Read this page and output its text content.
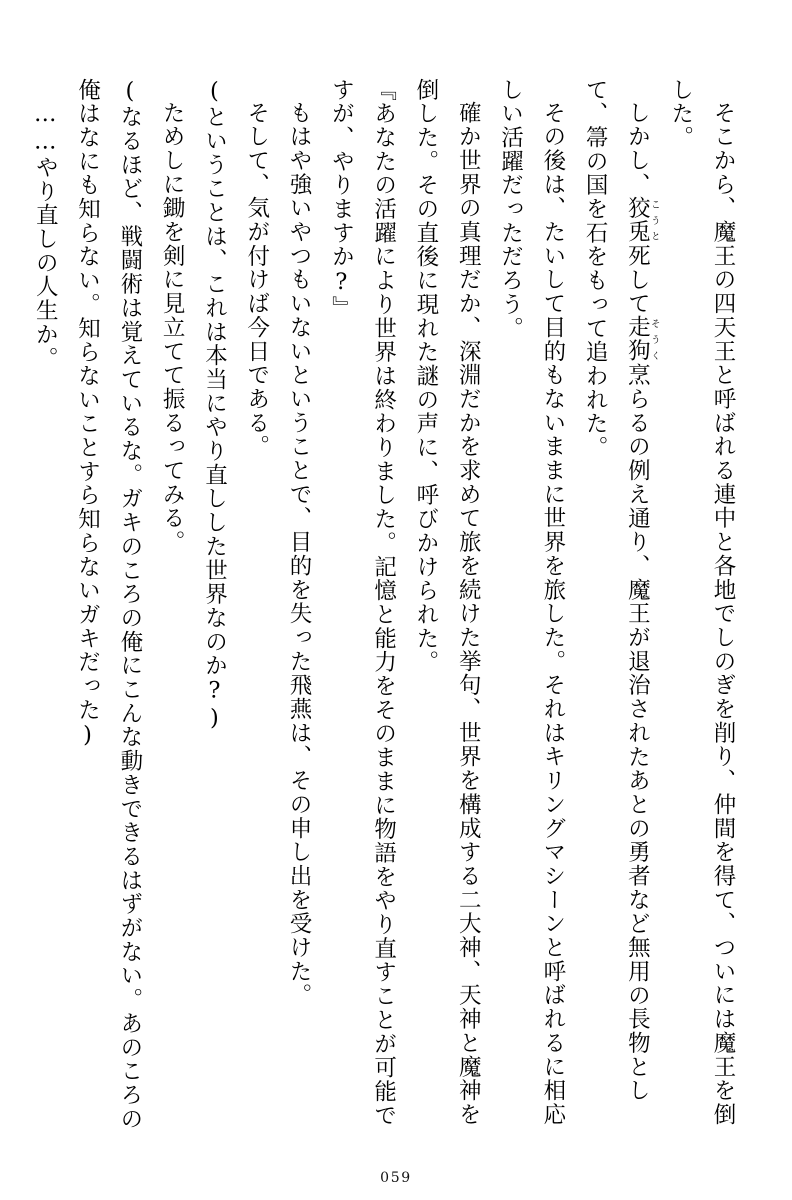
そこから、魔王の四天王と呼ばれる連中と各地でしのぎを削り、仲間を得て、ついには魔王を倒した。

しかし、狡兎こうと死して走狗そうく烹らるの例え通り、魔王が退治されたあとの勇者など無用の長物として、箒の国を石をもって追われた。

その後は、たいして目的もないままに世界を旅した。それはキリングマシーンと呼ばれるに相応しい活躍だっただろう。

確か世界の真理だか、深淵だかを求めて旅を続けた挙句、世界を構成する二大神、天神と魔神を倒した。その直後に現れた謎の声に、呼びかけられた。

『あなたの活躍により世界は終わりました。記憶と能力をそのままに物語をやり直すことが可能ですが、やりますか?』

もはや強いやつもいないということで、目的を失った飛燕は、その申し出を受けた。

そして、気が付けば今日である。

(ということは、これは本当にやり直しした世界なのか?)

ためしに鋤を剣に見立てて振るってみる。

(なるほど、戦闘術は覚えているな。ガキのころの俺にこんな動きできるはずがない。あのころの俺はなにも知らない。知らないことすら知らないガキだった)

……やり直しの人生か。

059
